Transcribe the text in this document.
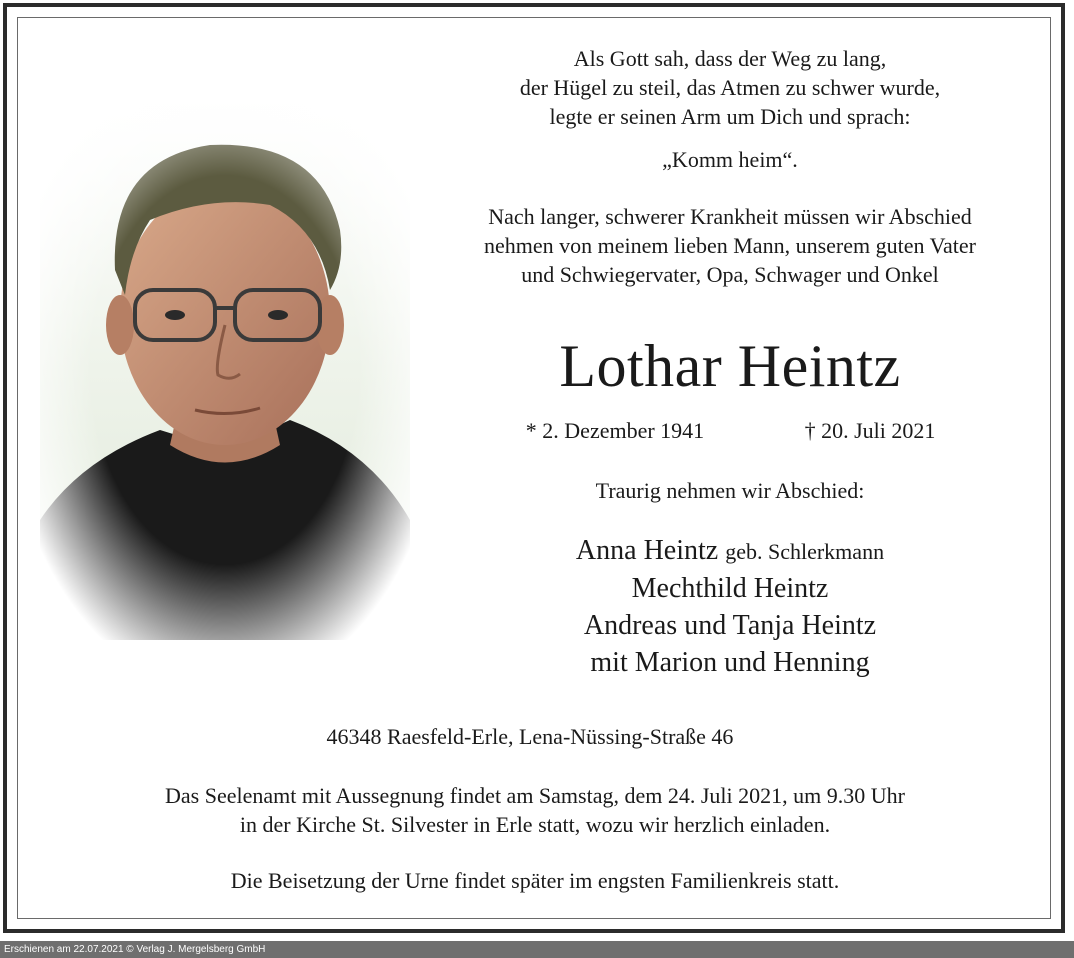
Als Gott sah, dass der Weg zu lang,
der Hügel zu steil, das Atmen zu schwer wurde,
legte er seinen Arm um Dich und sprach:
„Komm heim“.
Nach langer, schwerer Krankheit müssen wir Abschied
nehmen von meinem lieben Mann, unserem guten Vater
und Schwiegervater, Opa, Schwager und Onkel
Lothar Heintz
* 2. Dezember 1941	† 20. Juli 2021
Traurig nehmen wir Abschied:
Anna Heintz geb. Schlerkmann
Mechthild Heintz
Andreas und Tanja Heintz
mit Marion und Henning
46348 Raesfeld-Erle, Lena-Nüssing-Straße 46
Das Seelenamt mit Aussegnung findet am Samstag, dem 24. Juli 2021, um 9.30 Uhr
in der Kirche St. Silvester in Erle statt, wozu wir herzlich einladen.
Die Beisetzung der Urne findet später im engsten Familienkreis statt.
Erschienen am 22.07.2021 © Verlag J. Mergelsberg GmbH
